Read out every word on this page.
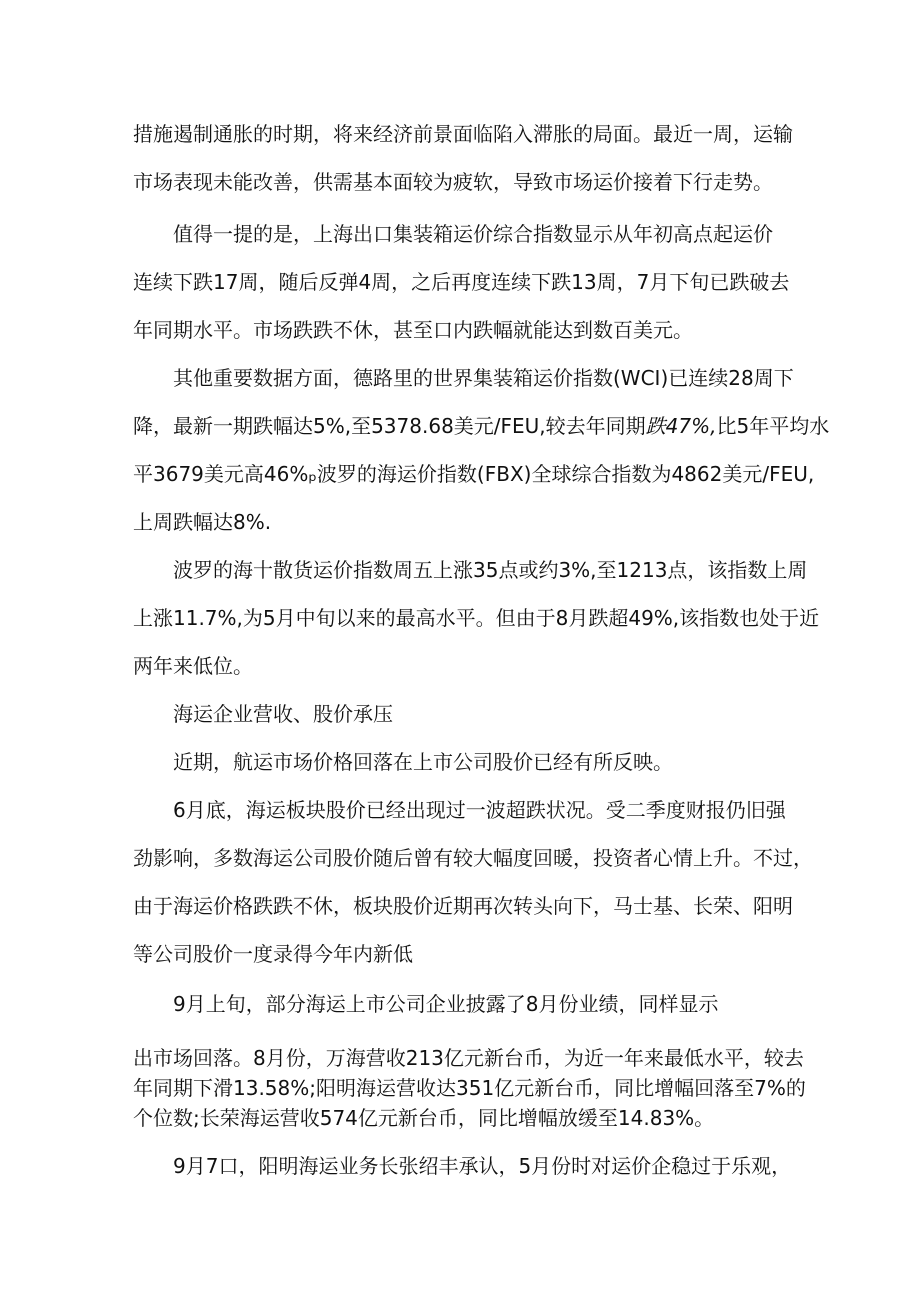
措施遏制通胀的时期，将来经济前景面临陷入滞胀的局面。最近一周，运输
市场表现未能改善，供需基本面较为疲软，导致市场运价接着下行走势。

值得一提的是，上海出口集装箱运价综合指数显示从年初高点起运价
连续下跌17周，随后反弹4周，之后再度连续下跌13周，7月下旬已跌破去
年同期水平。市场跌跌不休，甚至口内跌幅就能达到数百美元。

其他重要数据方面，德路里的世界集装箱运价指数(WCI)已连续28周下
降，最新一期跌幅达5%,至5378.68美元/FEU,较去年同期跌47%,比5年平均水
平3679美元高46%ₚ波罗的海运价指数(FBX)全球综合指数为4862美元/FEU,
上周跌幅达8%.

波罗的海十散货运价指数周五上涨35点或约3%,至1213点，该指数上周
上涨11.7%,为5月中旬以来的最高水平。但由于8月跌超49%,该指数也处于近
两年来低位。

海运企业营收、股价承压

近期，航运市场价格回落在上市公司股价已经有所反映。

6月底，海运板块股价已经出现过一波超跌状况。受二季度财报仍旧强
劲影响，多数海运公司股价随后曾有较大幅度回暖，投资者心情上升。不过，
由于海运价格跌跌不休，板块股价近期再次转头向下，马士基、长荣、阳明
等公司股价一度录得今年内新低

9月上旬，部分海运上市公司企业披露了8月份业绩，同样显示

出市场回落。8月份，万海营收213亿元新台币，为近一年来最低水平，较去
年同期下滑13.58%;阳明海运营收达351亿元新台币，同比增幅回落至7%的
个位数;长荣海运营收574亿元新台币，同比增幅放缓至14.83%。

9月7口，阳明海运业务长张绍丰承认，5月份时对运价企稳过于乐观，
